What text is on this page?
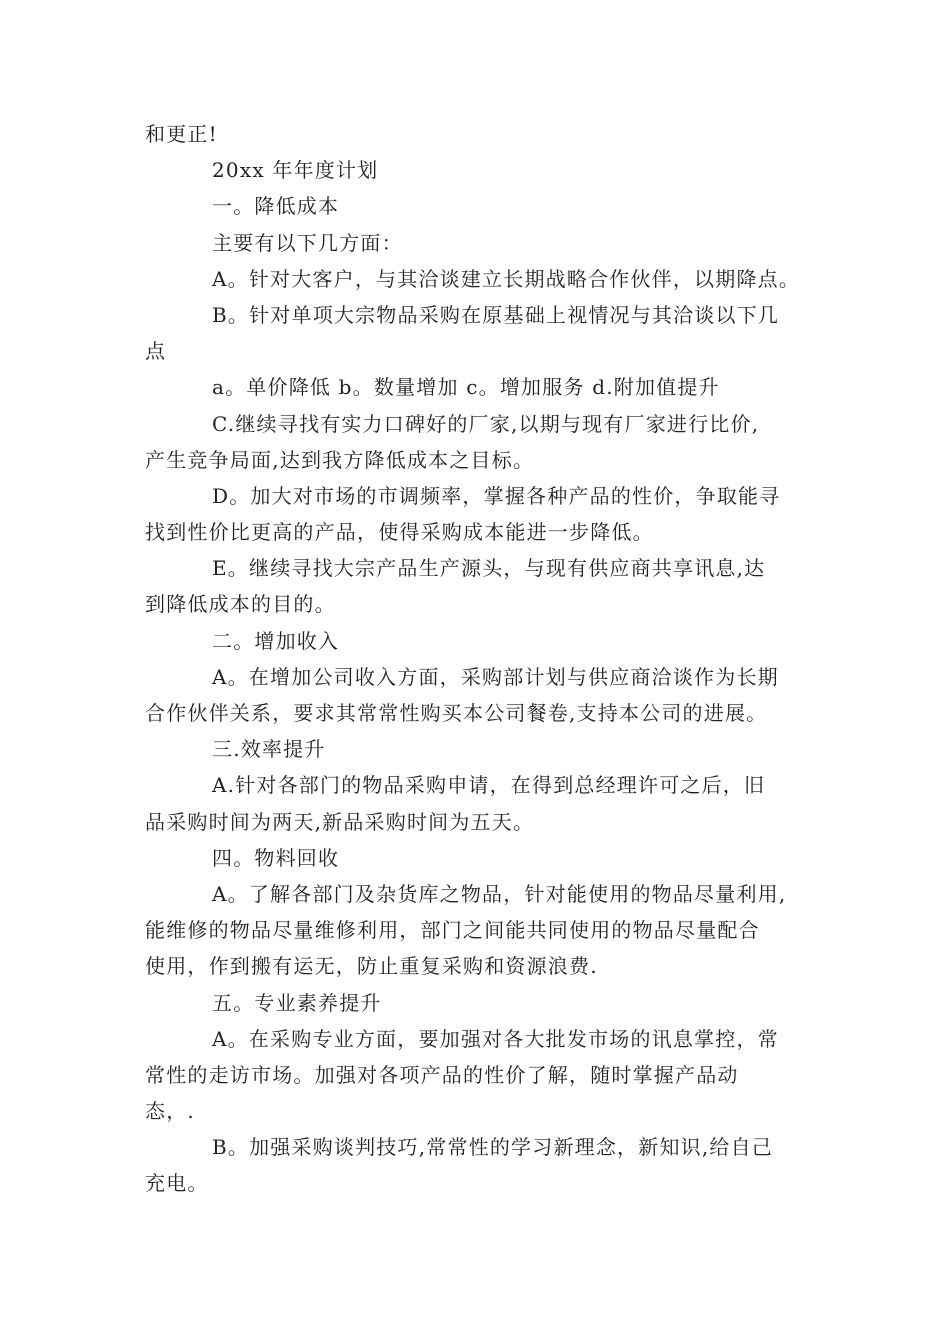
和更正!
20xx 年年度计划
一。降低成本
主要有以下几方面：
A。针对大客户，与其洽谈建立长期战略合作伙伴，以期降点。
B。针对单项大宗物品采购在原基础上视情况与其洽谈以下几
点
a。单价降低 b。数量增加 c。增加服务 d.附加值提升
C.继续寻找有实力口碑好的厂家,以期与现有厂家进行比价,
产生竞争局面,达到我方降低成本之目标。
D。加大对市场的市调频率，掌握各种产品的性价，争取能寻
找到性价比更高的产品，使得采购成本能进一步降低。
E。继续寻找大宗产品生产源头，与现有供应商共享讯息,达
到降低成本的目的。
二。增加收入
A。在增加公司收入方面，采购部计划与供应商洽谈作为长期
合作伙伴关系，要求其常常性购买本公司餐卷,支持本公司的进展。
三.效率提升
A.针对各部门的物品采购申请，在得到总经理许可之后，旧
品采购时间为两天,新品采购时间为五天。
四。物料回收
A。了解各部门及杂货库之物品，针对能使用的物品尽量利用,
能维修的物品尽量维修利用，部门之间能共同使用的物品尽量配合
使用，作到搬有运无，防止重复采购和资源浪费.
五。专业素养提升
A。在采购专业方面，要加强对各大批发市场的讯息掌控，常
常性的走访市场。加强对各项产品的性价了解，随时掌握产品动
态，.
B。加强采购谈判技巧,常常性的学习新理念，新知识,给自己
充电。
